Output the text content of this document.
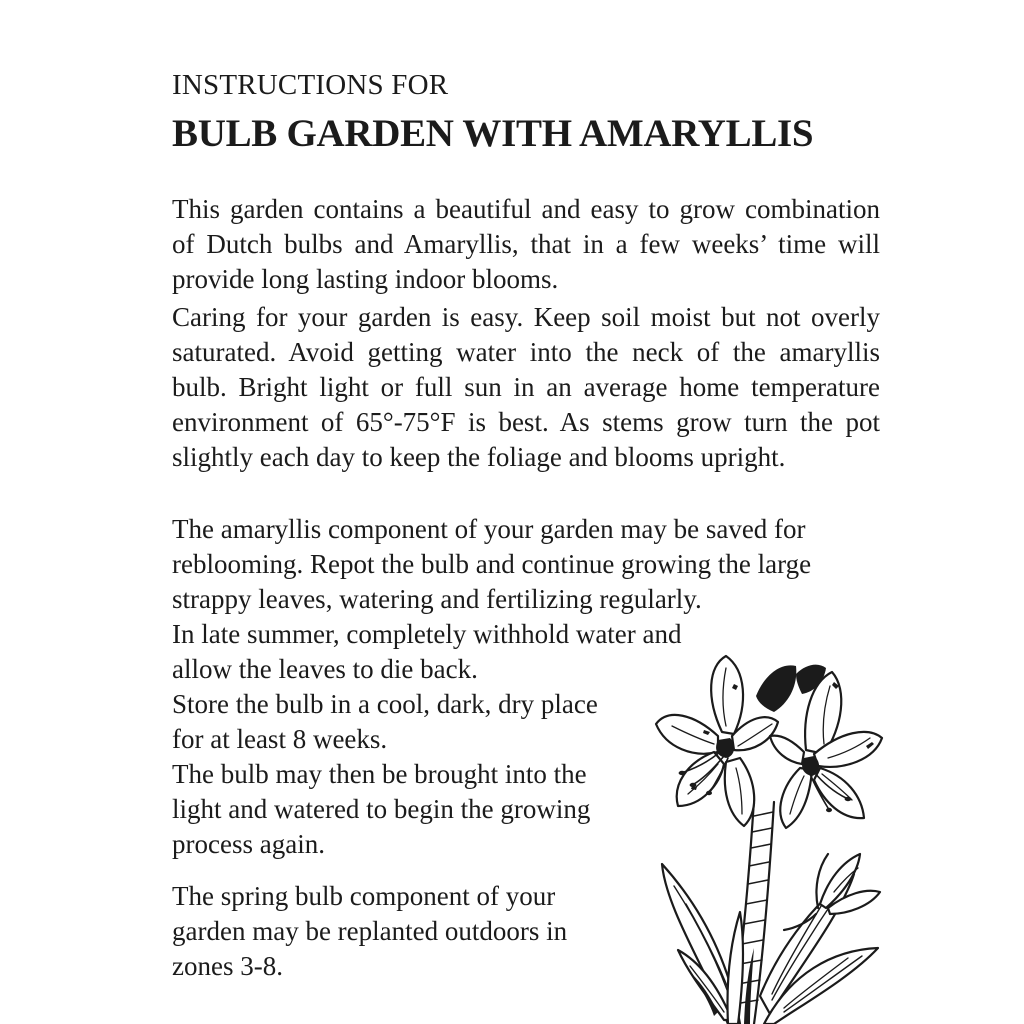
INSTRUCTIONS FOR
BULB GARDEN WITH AMARYLLIS
This garden contains a beautiful and easy to grow combination
of Dutch bulbs and Amaryllis, that in a few weeks’ time will
provide long lasting indoor blooms.
Caring for your garden is easy. Keep soil moist but not overly
saturated. Avoid getting water into the neck of the amaryllis
bulb. Bright light or full sun in an average home temperature
environment of 65°-75°F is best. As stems grow turn the pot
slightly each day to keep the foliage and blooms upright.
The amaryllis component of your garden may be saved for
reblooming. Repot the bulb and continue growing the large
strappy leaves, watering and fertilizing regularly.
In late summer, completely withhold water and
allow the leaves to die back.
Store the bulb in a cool, dark, dry place
for at least 8 weeks.
The bulb may then be brought into the
light and watered to begin the growing
process again.
The spring bulb component of your
garden may be replanted outdoors in
zones 3-8.
